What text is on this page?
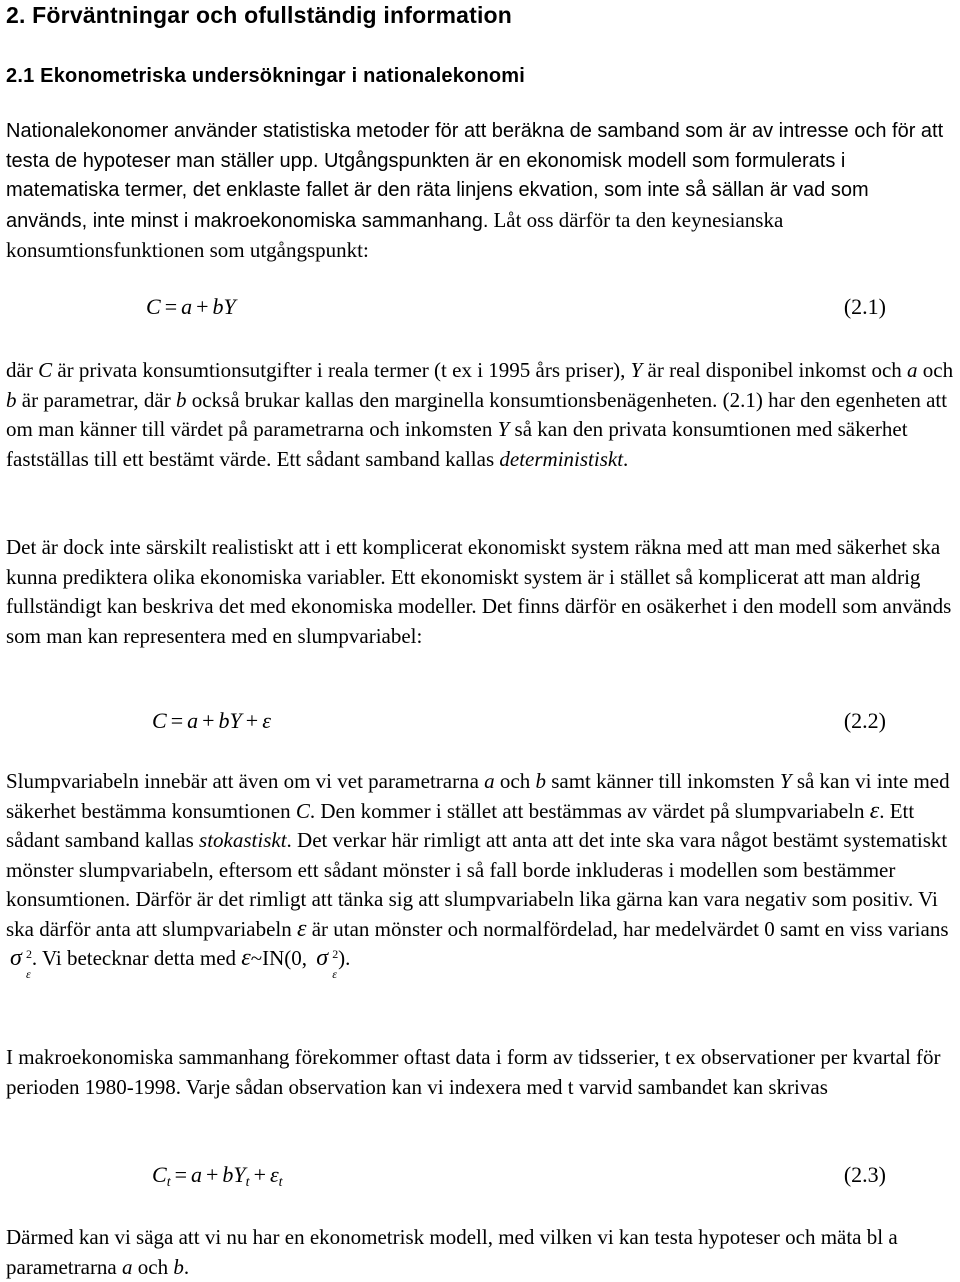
2. Förväntningar och ofullständig information
2.1 Ekonometriska undersökningar i nationalekonomi

Nationalekonomer använder statistiska metoder för att beräkna de samband som är av intresse och för att testa de hypoteser man ställer upp. Utgångspunkten är en ekonomisk modell som formulerats i matematiska termer, det enklaste fallet är den räta linjens ekvation, som inte så sällan är vad som används, inte minst i makroekonomiska sammanhang. Låt oss därför ta den keynesianska konsumtionsfunktionen som utgångspunkt:

C = a + bY	(2.1)

där C är privata konsumtionsutgifter i reala termer (t ex i 1995 års priser), Y är real disponibel inkomst och a och b är parametrar, där b också brukar kallas den marginella konsumtionsbenägenheten. (2.1) har den egenheten att om man känner till värdet på parametrarna och inkomsten Y så kan den privata konsumtionen med säkerhet fastställas till ett bestämt värde. Ett sådant samband kallas deterministiskt.

Det är dock inte särskilt realistiskt att i ett komplicerat ekonomiskt system räkna med att man med säkerhet ska kunna prediktera olika ekonomiska variabler. Ett ekonomiskt system är i stället så komplicerat att man aldrig fullständigt kan beskriva det med ekonomiska modeller. Det finns därför en osäkerhet i den modell som används som man kan representera med en slumpvariabel:

C = a + bY + ε	(2.2)

Slumpvariabeln innebär att även om vi vet parametrarna a och b samt känner till inkomsten Y så kan vi inte med säkerhet bestämma konsumtionen C. Den kommer i stället att bestämmas av värdet på slumpvariabeln ε. Ett sådant samband kallas stokastiskt. Det verkar här rimligt att anta att det inte ska vara något bestämt systematiskt mönster slumpvariabeln, eftersom ett sådant mönster i så fall borde inkluderas i modellen som bestämmer konsumtionen. Därför är det rimligt att tänka sig att slumpvariabeln lika gärna kan vara negativ som positiv. Vi ska därför anta att slumpvariabeln ε är utan mönster och normalfördelad, har medelvärdet 0 samt en viss varians σ 2
ε
. Vi betecknar detta med ε~IN(0, σ 2
ε
).

I makroekonomiska sammanhang förekommer oftast data i form av tidsserier, t ex observationer per kvartal för perioden 1980-1998. Varje sådan observation kan vi indexera med t varvid sambandet kan skrivas

$C_t = a + bY_t + \varepsilon_t$	(2.3)

Därmed kan vi säga att vi nu har en ekonometrisk modell, med vilken vi kan testa hypoteser och mäta bl a parametrarna a och b.
